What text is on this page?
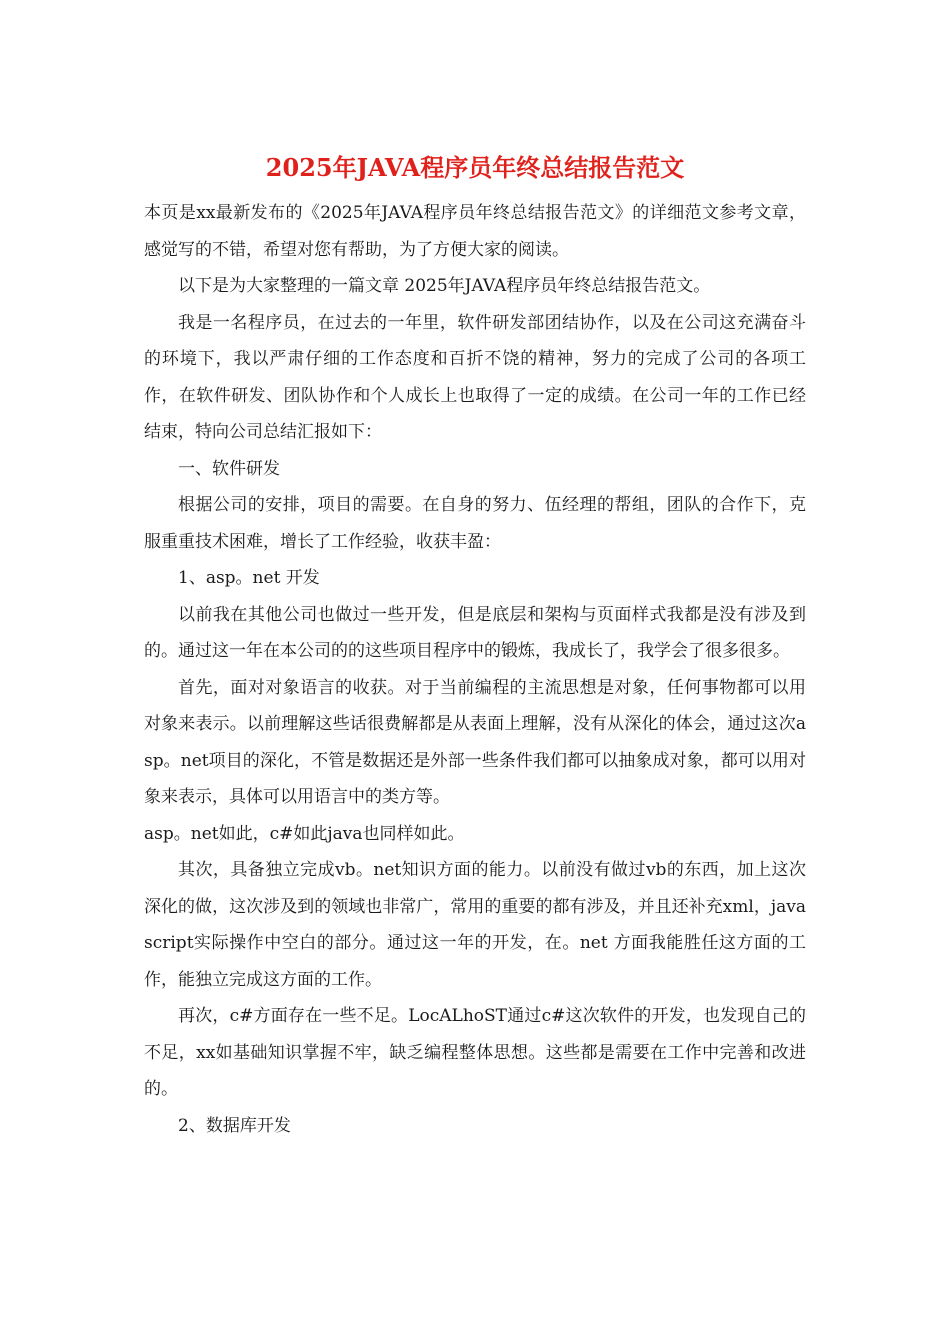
2025年JAVA程序员年终总结报告范文

本页是xx最新发布的《2025年JAVA程序员年终总结报告范文》的详细范文参考文章，感觉写的不错，希望对您有帮助，为了方便大家的阅读。

以下是为大家整理的一篇文章 2025年JAVA程序员年终总结报告范文。

我是一名程序员，在过去的一年里，软件研发部团结协作，以及在公司这充满奋斗的环境下，我以严肃仔细的工作态度和百折不饶的精神，努力的完成了公司的各项工作，在软件研发、团队协作和个人成长上也取得了一定的成绩。在公司一年的工作已经结束，特向公司总结汇报如下：

一、软件研发

根据公司的安排，项目的需要。在自身的努力、伍经理的帮组，团队的合作下，克服重重技术困难，增长了工作经验，收获丰盈：

1、asp。net 开发

以前我在其他公司也做过一些开发，但是底层和架构与页面样式我都是没有涉及到的。通过这一年在本公司的的这些项目程序中的锻炼，我成长了，我学会了很多很多。

首先，面对对象语言的收获。对于当前编程的主流思想是对象，任何事物都可以用对象来表示。以前理解这些话很费解都是从表面上理解，没有从深化的体会，通过这次asp。net项目的深化，不管是数据还是外部一些条件我们都可以抽象成对象，都可以用对象来表示，具体可以用语言中的类方等。

asp。net如此，c#如此java也同样如此。

其次，具备独立完成vb。net知识方面的能力。以前没有做过vb的东西，加上这次深化的做，这次涉及到的领域也非常广，常用的重要的都有涉及，并且还补充xml，javascript实际操作中空白的部分。通过这一年的开发，在。net 方面我能胜任这方面的工作，能独立完成这方面的工作。

再次，c#方面存在一些不足。LocALhoST通过c#这次软件的开发，也发现自己的不足，xx如基础知识掌握不牢，缺乏编程整体思想。这些都是需要在工作中完善和改进的。

2、数据库开发
